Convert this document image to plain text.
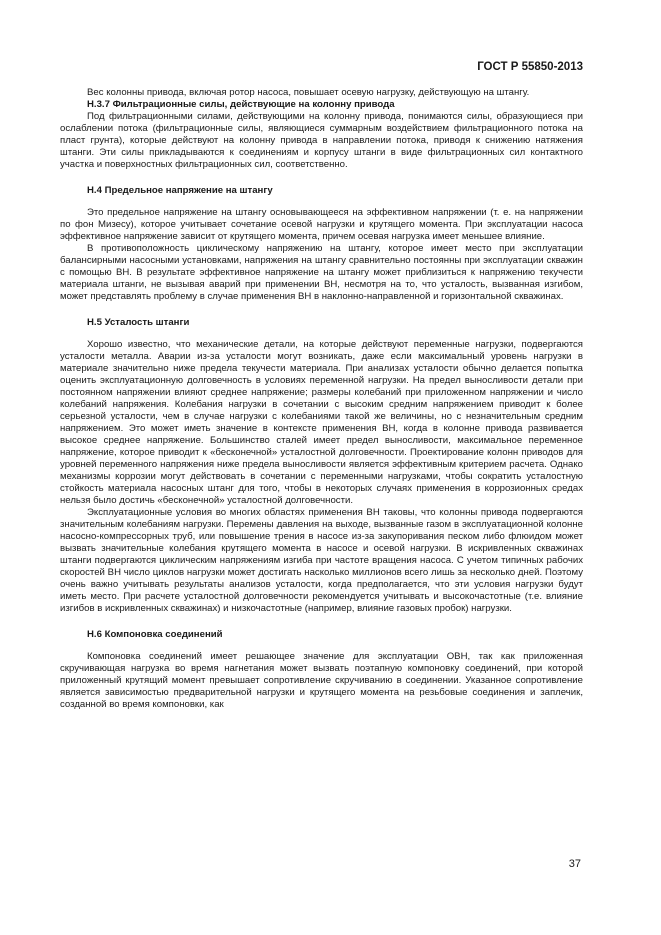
ГОСТ Р 55850-2013

Вес колонны привода, включая ротор насоса, повышает осевую нагрузку, действующую на штангу.

Н.3.7 Фильтрационные силы, действующие на колонну привода

Под фильтрационными силами, действующими на колонну привода, понимаются силы, образующиеся при ослаблении потока (фильтрационные силы, являющиеся суммарным воздействием фильтрационного потока на пласт грунта), которые действуют на колонну привода в направлении потока, приводя к снижению натяжения штанги. Эти силы прикладываются к соединениям и корпусу штанги в виде фильтрационных сил контактного участка и поверхностных фильтрационных сил, соответственно.

Н.4 Предельное напряжение на штангу

Это предельное напряжение на штангу основывающееся на эффективном напряжении (т. е. на напряжении по фон Мизесу), которое учитывает сочетание осевой нагрузки и крутящего момента. При эксплуатации насоса эффективное напряжение зависит от крутящего момента, причем осевая нагрузка имеет меньшее влияние.

В противоположность циклическому напряжению на штангу, которое имеет место при эксплуатации балансирными насосными установками, напряжения на штангу сравнительно постоянны при эксплуатации скважин с помощью ВН. В результате эффективное напряжение на штангу может приблизиться к напряжению текучести материала штанги, не вызывая аварий при применении ВН, несмотря на то, что усталость, вызванная изгибом, может представлять проблему в случае применения ВН в наклонно-направленной и горизонтальной скважинах.

Н.5 Усталость штанги

Хорошо известно, что механические детали, на которые действуют переменные нагрузки, подвергаются усталости металла. Аварии из-за усталости могут возникать, даже если максимальный уровень нагрузки в материале значительно ниже предела текучести материала. При анализах усталости обычно делается попытка оценить эксплуатационную долговечность в условиях переменной нагрузки. На предел выносливости детали при постоянном напряжении влияют среднее напряжение; размеры колебаний при приложенном напряжении и число колебаний напряжения. Колебания нагрузки в сочетании с высоким средним напряжением приводит к более серьезной усталости, чем в случае нагрузки с колебаниями такой же величины, но с незначительным средним напряжением. Это может иметь значение в контексте применения ВН, когда в колонне привода развивается высокое среднее напряжение. Большинство сталей имеет предел выносливости, максимальное переменное напряжение, которое приводит к «бесконечной» усталостной долговечности. Проектирование колонн приводов для уровней переменного напряжения ниже предела выносливости является эффективным критерием расчета. Однако механизмы коррозии могут действовать в сочетании с переменными нагрузками, чтобы сократить усталостную стойкость материала насосных штанг для того, чтобы в некоторых случаях применения в коррозионных средах нельзя было достичь «бесконечной» усталостной долговечности.

Эксплуатационные условия во многих областях применения ВН таковы, что колонны привода подвергаются значительным колебаниям нагрузки. Перемены давления на выходе, вызванные газом в эксплуатационной колонне насосно-компрессорных труб, или повышение трения в насосе из-за закупоривания песком либо флюидом может вызвать значительные колебания крутящего момента в насосе и осевой нагрузки. В искривленных скважинах штанги подвергаются циклическим напряжениям изгиба при частоте вращения насоса. С учетом типичных рабочих скоростей ВН число циклов нагрузки может достигать насколько миллионов всего лишь за несколько дней. Поэтому очень важно учитывать результаты анализов усталости, когда предполагается, что эти условия нагрузки будут иметь место. При расчете усталостной долговечности рекомендуется учитывать и высокочастотные (т.е. влияние изгибов в искривленных скважинах) и низкочастотные (например, влияние газовых пробок) нагрузки.

Н.6 Компоновка соединений

Компоновка соединений имеет решающее значение для эксплуатации ОВН, так как приложенная скручивающая нагрузка во время нагнетания может вызвать поэтапную компоновку соединений, при которой приложенный крутящий момент превышает сопротивление скручиванию в соединении. Указанное сопротивление является зависимостью предварительной нагрузки и крутящего момента на резьбовые соединения и заплечик, созданной во время компоновки, как

37
